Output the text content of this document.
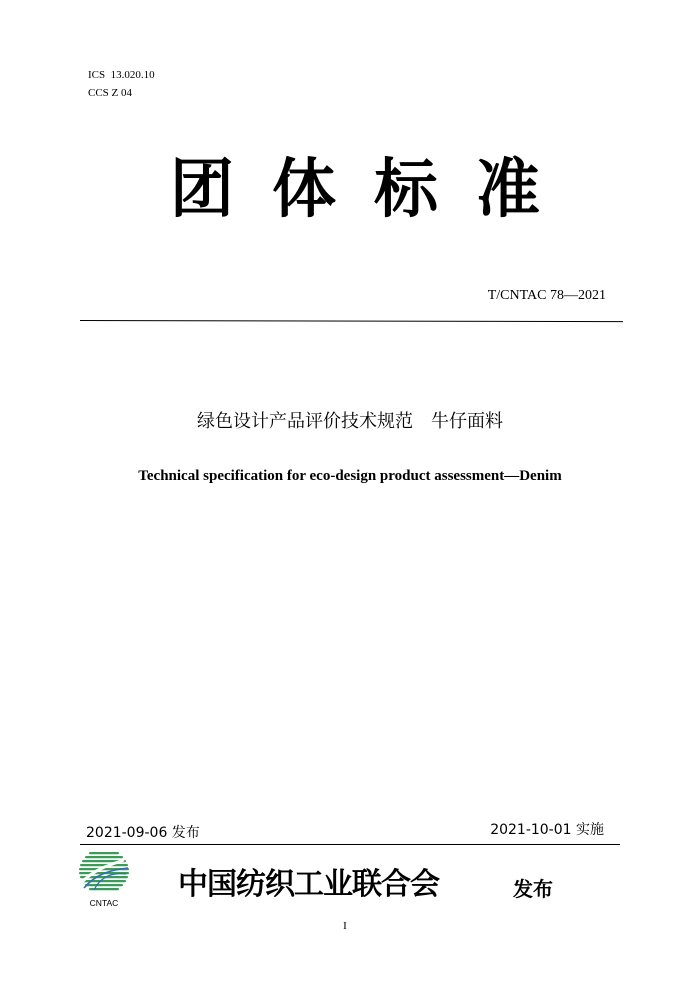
ICS  13.020.10
CCS Z 04
团 体 标 准
T/CNTAC 78—2021
绿色设计产品评价技术规范　牛仔面料
Technical specification for eco-design product assessment—Denim
2021-09-06 发布	2021-10-01 实施
CNTAC
中国纺织工业联合会	发布
I
